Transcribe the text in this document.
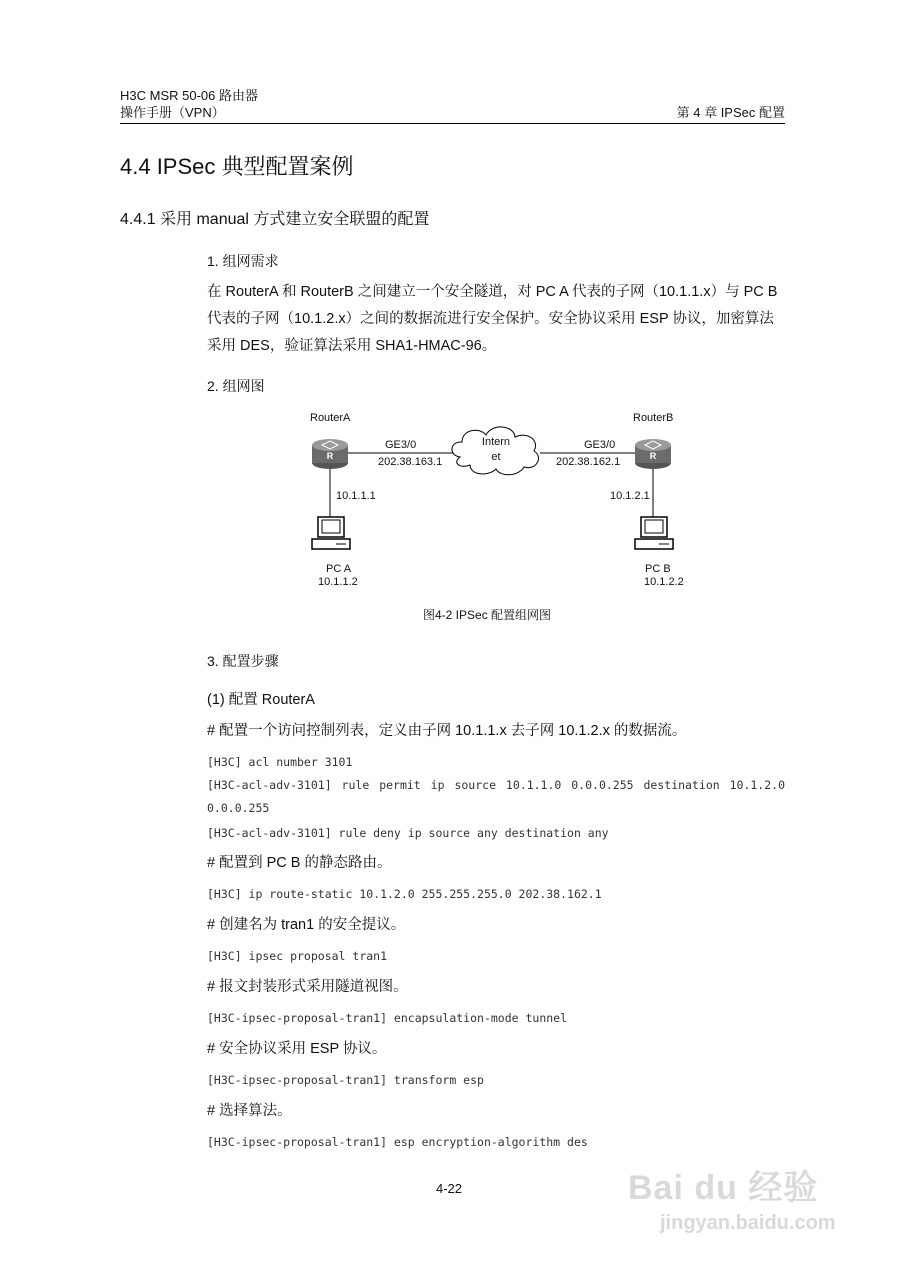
H3C MSR 50-06 路由器
操作手册（VPN）	第 4 章 IPSec 配置
4.4 IPSec 典型配置案例
4.4.1 采用 manual 方式建立安全联盟的配置
1. 组网需求
在 RouterA 和 RouterB 之间建立一个安全隧道，对 PC A 代表的子网（10.1.1.x）与 PC B 代表的子网（10.1.2.x）之间的数据流进行安全保护。安全协议采用 ESP 协议，加密算法采用 DES，验证算法采用 SHA1-HMAC-96。
2. 组网图
R	R
Intern
et
RouterA	RouterB
GE3/0
202.38.163.1
GE3/0
202.38.162.1
10.1.1.1	10.1.2.1
PC A
10.1.1.2
PC B
10.1.2.2
图4-2 IPSec 配置组网图
3. 配置步骤
(1) 配置 RouterA
# 配置一个访问控制列表，定义由子网 10.1.1.x 去子网 10.1.2.x 的数据流。
[H3C] acl number 3101
[H3C-acl-adv-3101] rule permit ip source 10.1.1.0 0.0.0.255 destination 10.1.2.0 0.0.0.255
[H3C-acl-adv-3101] rule deny ip source any destination any
# 配置到 PC B 的静态路由。
[H3C] ip route-static 10.1.2.0 255.255.255.0 202.38.162.1
# 创建名为 tran1 的安全提议。
[H3C] ipsec proposal tran1
# 报文封装形式采用隧道视图。
[H3C-ipsec-proposal-tran1] encapsulation-mode tunnel
# 安全协议采用 ESP 协议。
[H3C-ipsec-proposal-tran1] transform esp
# 选择算法。
[H3C-ipsec-proposal-tran1] esp encryption-algorithm des
4-22	Bai du 经验
jingyan.baidu.com
